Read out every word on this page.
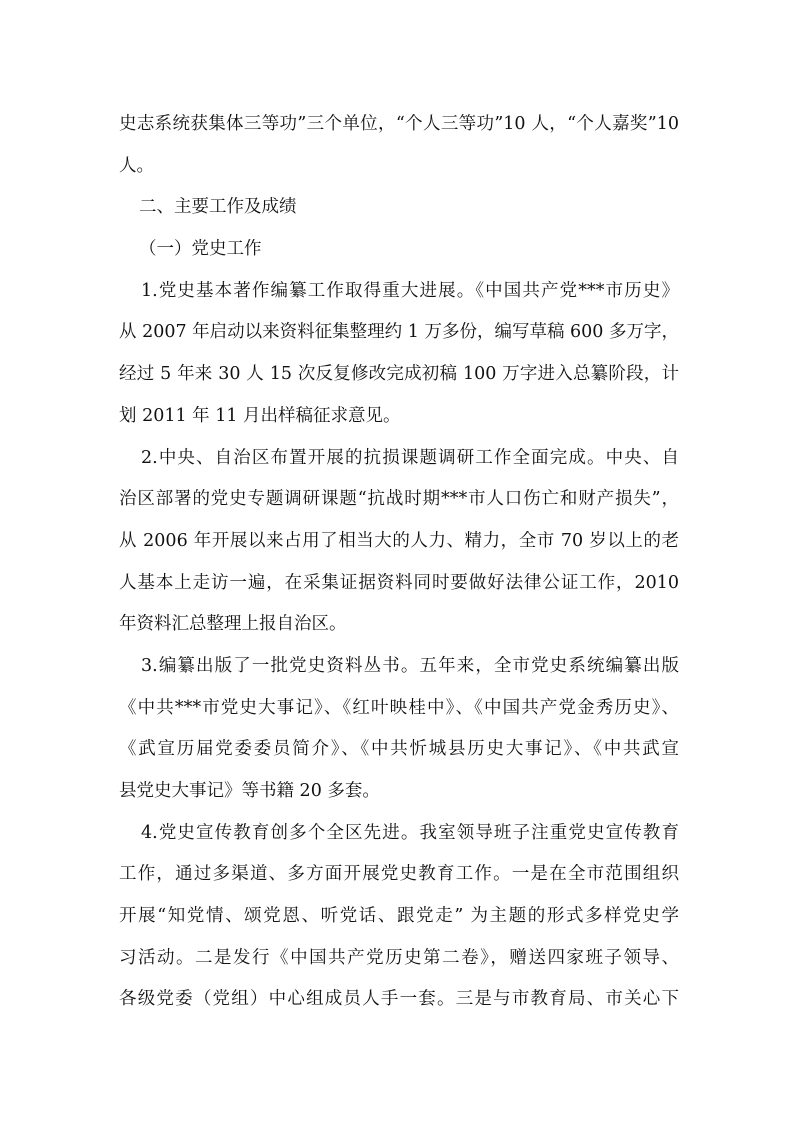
史志系统获集体三等功”三个单位，“个人三等功”10 人，“个人嘉奖”10
人。
二、主要工作及成绩
（一）党史工作
1.党史基本著作编纂工作取得重大进展。《中国共产党***市历史》
从 2007 年启动以来资料征集整理约 1 万多份，编写草稿 600 多万字，
经过 5 年来 30 人 15 次反复修改完成初稿 100 万字进入总纂阶段，计
划 2011 年 11 月出样稿征求意见。
2.中央、自治区布置开展的抗损课题调研工作全面完成。中央、自
治区部署的党史专题调研课题“抗战时期***市人口伤亡和财产损失”，
从 2006 年开展以来占用了相当大的人力、精力，全市 70 岁以上的老
人基本上走访一遍，在采集证据资料同时要做好法律公证工作，2010
年资料汇总整理上报自治区。
3.编纂出版了一批党史资料丛书。五年来，全市党史系统编纂出版
《中共***市党史大事记》、《红叶映桂中》、《中国共产党金秀历史》、
《武宣历届党委委员简介》、《中共忻城县历史大事记》、《中共武宣
县党史大事记》等书籍 20 多套。
4.党史宣传教育创多个全区先进。我室领导班子注重党史宣传教育
工作，通过多渠道、多方面开展党史教育工作。一是在全市范围组织
开展“知党情、颂党恩、听党话、跟党走” 为主题的形式多样党史学
习活动。二是发行《中国共产党历史第二卷》，赠送四家班子领导、
各级党委（党组）中心组成员人手一套。三是与市教育局、市关心下
